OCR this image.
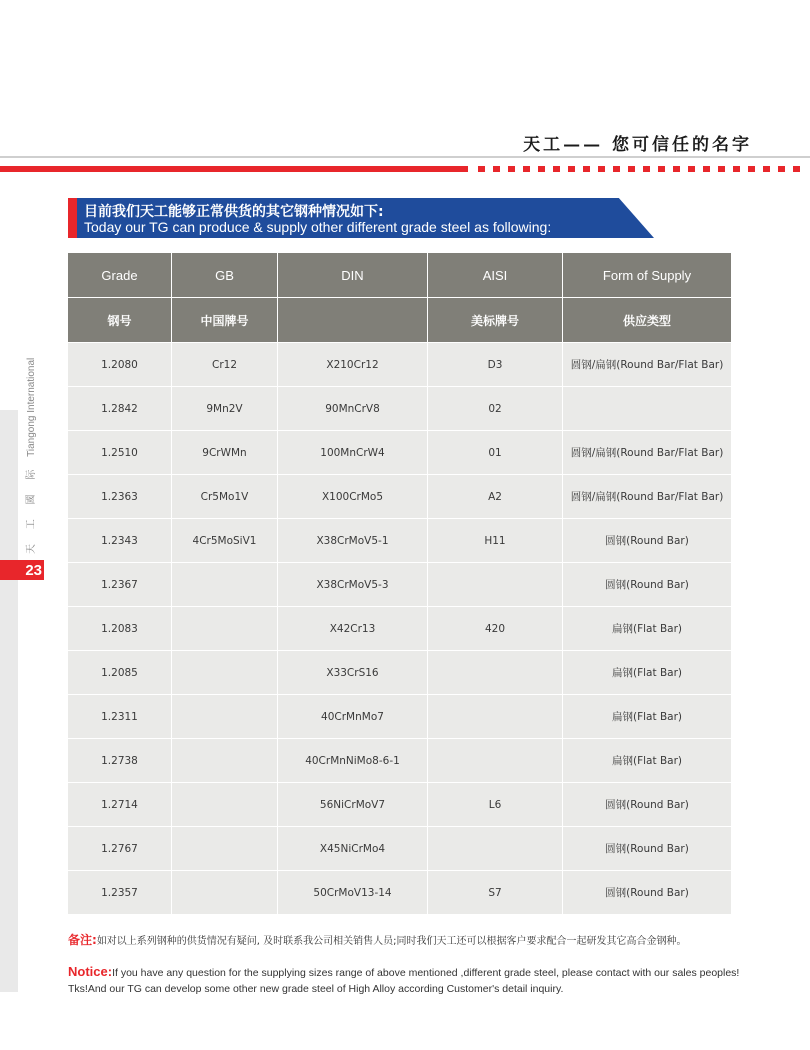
天工—— 您可信任的名字
天 工 國 际 Tiangong International
23
目前我们天工能够正常供货的其它钢种情况如下:
Today our TG can produce & supply other different grade steel as following:
Grade	GB	DIN	AISI	Form of Supply
钢号	中国牌号		美标牌号	供应类型
1.2080	Cr12	X210Cr12	D3	圆钢/扁钢(Round Bar/Flat Bar)
1.2842	9Mn2V	90MnCrV8	02	
1.2510	9CrWMn	100MnCrW4	01	圆钢/扁钢(Round Bar/Flat Bar)
1.2363	Cr5Mo1V	X100CrMo5	A2	圆钢/扁钢(Round Bar/Flat Bar)
1.2343	4Cr5MoSiV1	X38CrMoV5-1	H11	圆钢(Round Bar)
1.2367		X38CrMoV5-3		圆钢(Round Bar)
1.2083		X42Cr13	420	扁钢(Flat Bar)
1.2085		X33CrS16		扁钢(Flat Bar)
1.2311		40CrMnMo7		扁钢(Flat Bar)
1.2738		40CrMnNiMo8-6-1		扁钢(Flat Bar)
1.2714		56NiCrMoV7	L6	圆钢(Round Bar)
1.2767		X45NiCrMo4		圆钢(Round Bar)
1.2357		50CrMoV13-14	S7	圆钢(Round Bar)
备注:如对以上系列钢种的供货情况有疑问, 及时联系我公司相关销售人员;同时我们天工还可以根据客户要求配合一起研发其它高合金钢种。
Notice:If you have any question for the supplying sizes range of above mentioned ,different grade steel, please contact with our sales peoples! Tks!And our TG can develop some other new grade steel of High Alloy according Customer's detail inquiry.
